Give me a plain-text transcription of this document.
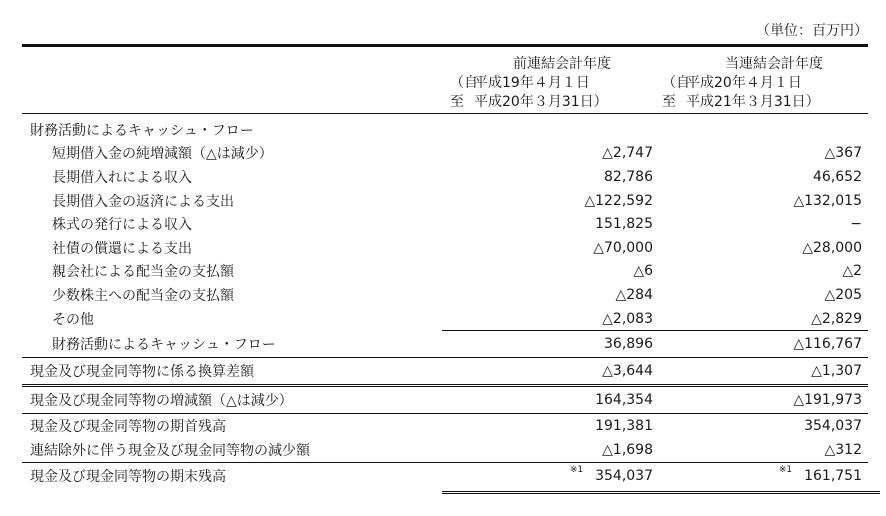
（単位：百万円）
前連結会計年度
（自平成19年４月１日
至 平成20年３月31日）
当連結会計年度
（自平成20年４月１日
至 平成21年３月31日）
財務活動によるキャッシュ・フロー		
短期借入金の純増減額（△は減少）	△2,747	△367
長期借入れによる収入	82,786	46,652
長期借入金の返済による支出	△122,592	△132,015
株式の発行による収入	151,825	−
社債の償還による支出	△70,000	△28,000
親会社による配当金の支払額	△6	△2
少数株主への配当金の支払額	△284	△205
その他	△2,083	△2,829
財務活動によるキャッシュ・フロー	36,896	△116,767
現金及び現金同等物に係る換算差額	△3,644	△1,307
現金及び現金同等物の増減額（△は減少）	164,354	△191,973
現金及び現金同等物の期首残高	191,381	354,037
連結除外に伴う現金及び現金同等物の減少額	△1,698	△312
現金及び現金同等物の期末残高	$^{※1}$ 354,037	$^{※1}$ 161,751
